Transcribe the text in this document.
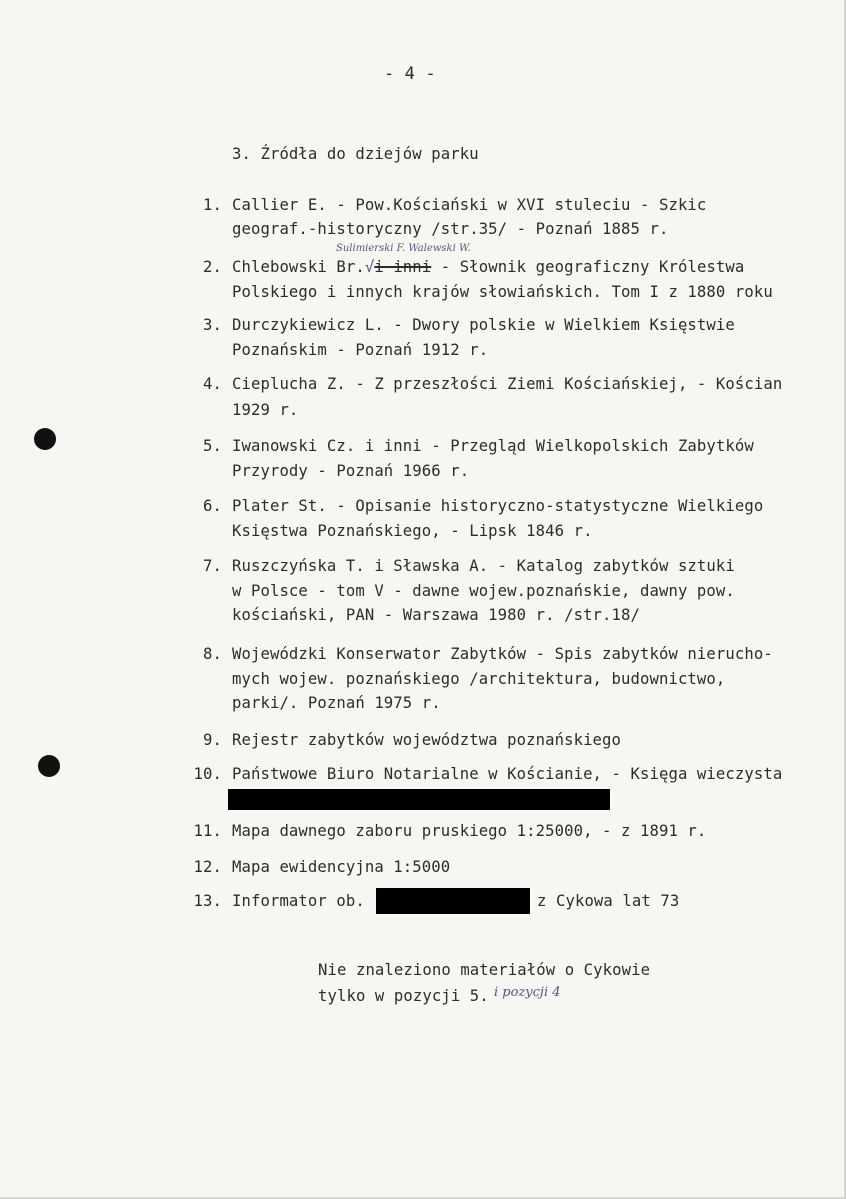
- 4 -
3. Źródła do dziejów parku
1. Callier E. - Pow.Kościański w XVI stuleciu - Szkic
geograf.-historyczny /str.35/ - Poznań 1885 r.
Sulimierski F. Walewski W.
2. Chlebowski Br.√i inni - Słownik geograficzny Królestwa
Polskiego i innych krajów słowiańskich. Tom I z 1880 roku
3. Durczykiewicz L. - Dwory polskie w Wielkiem Księstwie
Poznańskim - Poznań 1912 r.
4. Cieplucha Z. - Z przeszłości Ziemi Kościańskiej, - Kościan
1929 r.
5. Iwanowski Cz. i inni - Przegląd Wielkopolskich Zabytków
Przyrody - Poznań 1966 r.
6. Plater St. - Opisanie historyczno-statystyczne Wielkiego
Księstwa Poznańskiego, - Lipsk 1846 r.
7. Ruszczyńska T. i Sławska A. - Katalog zabytków sztuki
w Polsce - tom V - dawne wojew.poznańskie, dawny pow.
kościański, PAN - Warszawa 1980 r. /str.18/
8. Wojewódzki Konserwator Zabytków - Spis zabytków nierucho-
mych wojew. poznańskiego /architektura, budownictwo,
parki/. Poznań 1975 r.
9. Rejestr zabytków województwa poznańskiego
10. Państwowe Biuro Notarialne w Kościanie, - Księga wieczysta
11. Mapa dawnego zaboru pruskiego 1:25000, - z 1891 r.
12. Mapa ewidencyjna 1:5000
13. Informator ob.	z Cykowa lat 73
Nie znaleziono materiałów o Cykowie
tylko w pozycji 5. i pozycji 4
